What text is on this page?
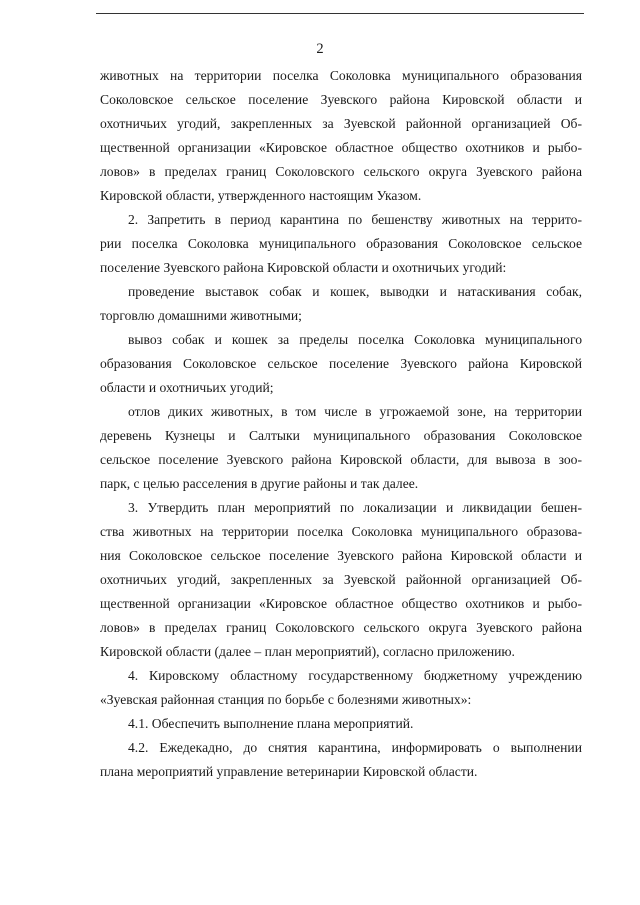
2
животных на территории поселка Соколовка муниципального образования
Соколовское сельское поселение Зуевского района Кировской области и
охотничьих угодий, закрепленных за Зуевской районной организацией Об-
щественной организации «Кировское областное общество охотников и рыбо-
ловов» в пределах границ Соколовского сельского округа Зуевского района
Кировской области, утвержденного настоящим Указом.
2. Запретить в период карантина по бешенству животных на террито-
рии поселка Соколовка муниципального образования Соколовское сельское
поселение Зуевского района Кировской области и охотничьих угодий:
проведение выставок собак и кошек, выводки и натаскивания собак,
торговлю домашними животными;
вывоз собак и кошек за пределы поселка Соколовка муниципального
образования Соколовское сельское поселение Зуевского района Кировской
области и охотничьих угодий;
отлов диких животных, в том числе в угрожаемой зоне, на территории
деревень Кузнецы и Салтыки муниципального образования Соколовское
сельское поселение Зуевского района Кировской области, для вывоза в зоо-
парк, с целью расселения в другие районы и так далее.
3. Утвердить план мероприятий по локализации и ликвидации бешен-
ства животных на территории поселка Соколовка муниципального образова-
ния Соколовское сельское поселение Зуевского района Кировской области и
охотничьих угодий, закрепленных за Зуевской районной организацией Об-
щественной организации «Кировское областное общество охотников и рыбо-
ловов» в пределах границ Соколовского сельского округа Зуевского района
Кировской области (далее – план мероприятий), согласно приложению.
4. Кировскому областному государственному бюджетному учреждению
«Зуевская районная станция по борьбе с болезнями животных»:
4.1. Обеспечить выполнение плана мероприятий.
4.2. Ежедекадно, до снятия карантина, информировать о выполнении
плана мероприятий управление ветеринарии Кировской области.
